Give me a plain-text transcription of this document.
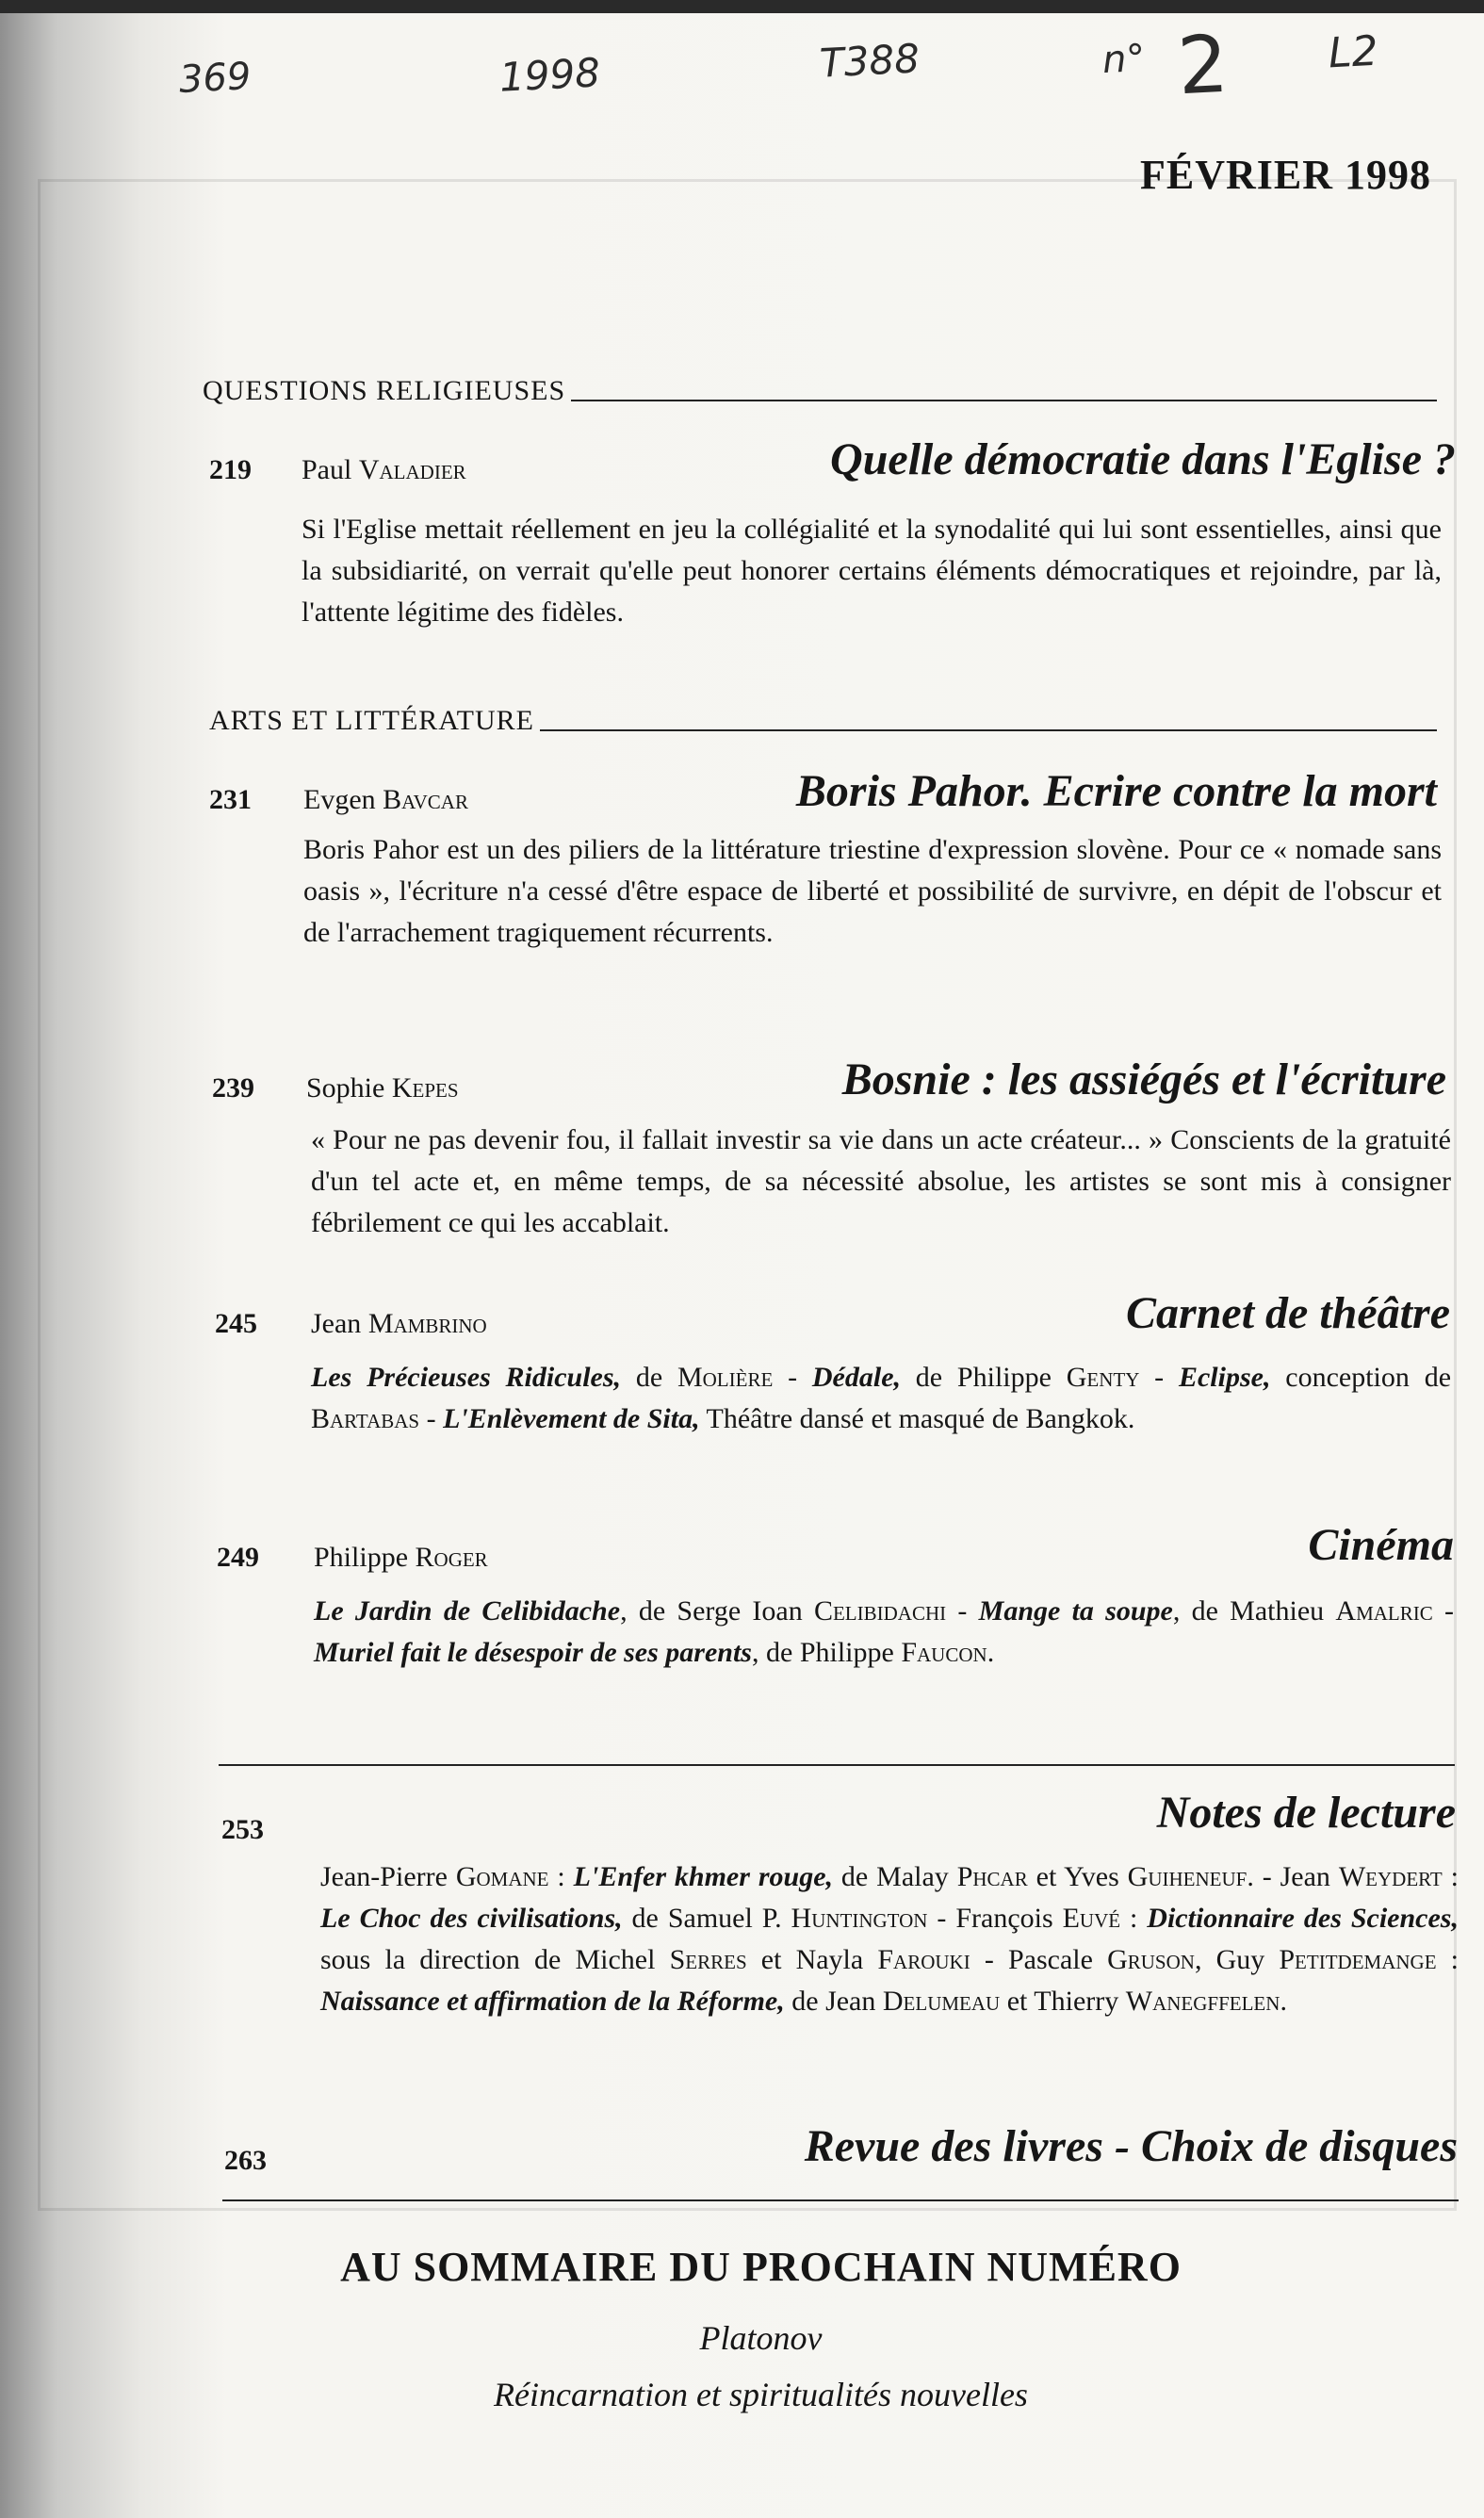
369	1998	T388	n° 2 L2
FÉVRIER 1998
QUESTIONS RELIGIEUSES
219 Paul Valadier	Quelle démocratie dans l'Eglise ?
Si l'Eglise mettait réellement en jeu la collégialité et la synodalité qui lui sont essentielles, ainsi que la subsidiarité, on verrait qu'elle peut honorer certains éléments démocratiques et rejoindre, par là, l'attente légitime des fidèles.
ARTS ET LITTÉRATURE
231 Evgen Bavcar	Boris Pahor. Ecrire contre la mort
Boris Pahor est un des piliers de la littérature triestine d'expression slovène. Pour ce « nomade sans oasis », l'écriture n'a cessé d'être espace de liberté et possibilité de survivre, en dépit de l'obscur et de l'arrachement tragiquement récurrents.
239 Sophie Kepes	Bosnie : les assiégés et l'écriture
« Pour ne pas devenir fou, il fallait investir sa vie dans un acte créateur... » Conscients de la gratuité d'un tel acte et, en même temps, de sa nécessité absolue, les artistes se sont mis à consigner fébrilement ce qui les accablait.
245 Jean Mambrino	Carnet de théâtre
Les Précieuses Ridicules, de Molière - Dédale, de Philippe Genty - Eclipse, conception de Bartabas - L'Enlèvement de Sita, Théâtre dansé et masqué de Bangkok.
249 Philippe Roger	Cinéma
Le Jardin de Celibidache, de Serge Ioan Celibidachi - Mange ta soupe, de Mathieu Amalric - Muriel fait le désespoir de ses parents, de Philippe Faucon.
253	Notes de lecture
Jean-Pierre Gomane : L'Enfer khmer rouge, de Malay Phcar et Yves Guiheneuf. - Jean Weydert : Le Choc des civilisations, de Samuel P. Huntington - François Euvé : Dictionnaire des Sciences, sous la direction de Michel Serres et Nayla Farouki - Pascale Gruson, Guy Petitdemange : Naissance et affirmation de la Réforme, de Jean Delumeau et Thierry Wanegffelen.
263	Revue des livres - Choix de disques
AU SOMMAIRE DU PROCHAIN NUMÉRO
Platonov
Réincarnation et spiritualités nouvelles
